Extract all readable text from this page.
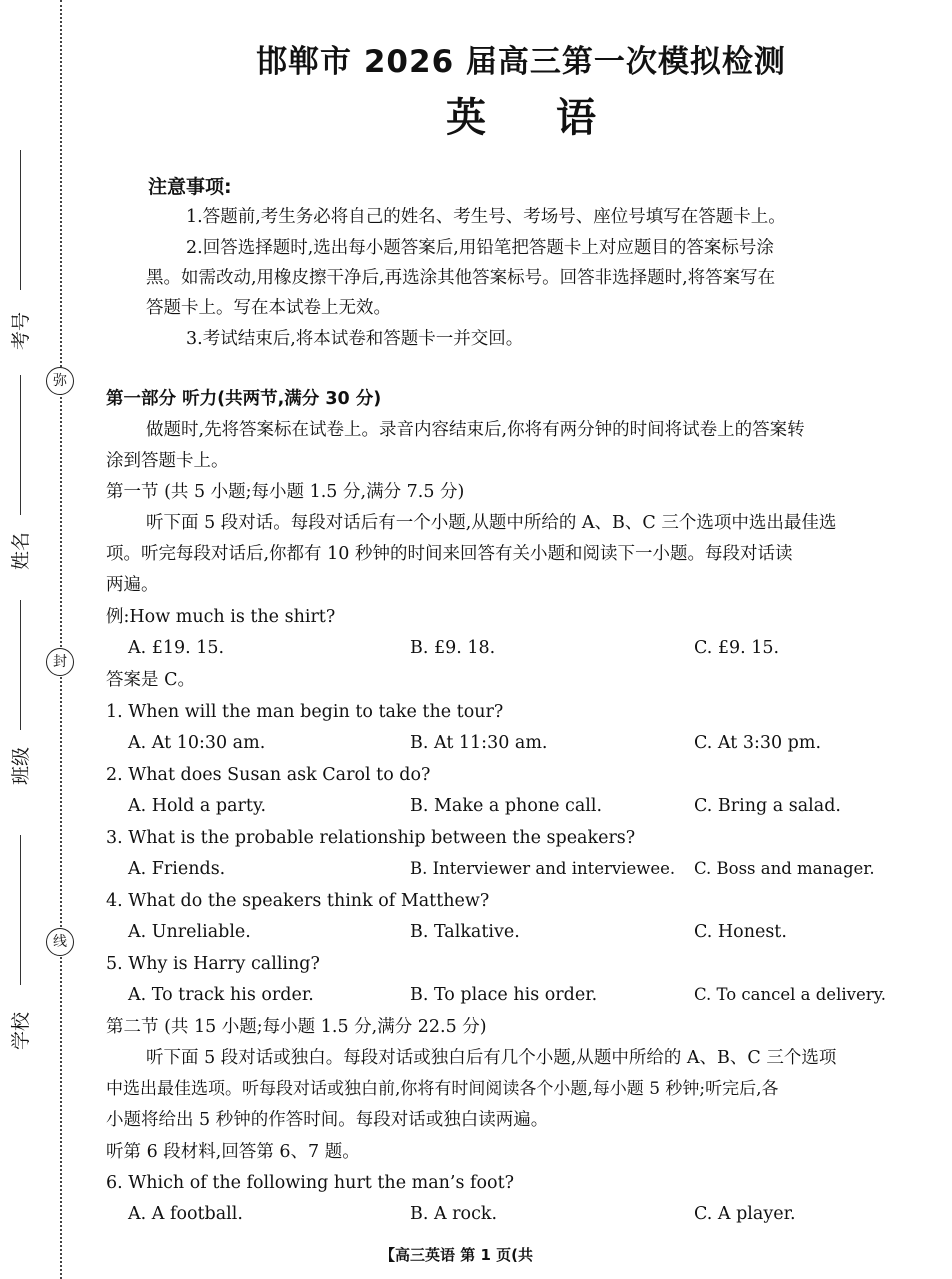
考号
姓名
班级
学校
弥
封
线
邯郸市 2026 届高三第一次模拟检测
英语
注意事项:
1.答题前,考生务必将自己的姓名、考生号、考场号、座位号填写在答题卡上。
2.回答选择题时,选出每小题答案后,用铅笔把答题卡上对应题目的答案标号涂
黑。如需改动,用橡皮擦干净后,再选涂其他答案标号。回答非选择题时,将答案写在
答题卡上。写在本试卷上无效。
3.考试结束后,将本试卷和答题卡一并交回。
第一部分 听力(共两节,满分 30 分)
做题时,先将答案标在试卷上。录音内容结束后,你将有两分钟的时间将试卷上的答案转
涂到答题卡上。
第一节 (共 5 小题;每小题 1.5 分,满分 7.5 分)
听下面 5 段对话。每段对话后有一个小题,从题中所给的 A、B、C 三个选项中选出最佳选
项。听完每段对话后,你都有 10 秒钟的时间来回答有关小题和阅读下一小题。每段对话读
两遍。
例:How much is the shirt?
A. £19. 15.	B. £9. 18.	C. £9. 15.
答案是 C。
1. When will the man begin to take the tour?
A. At 10:30 am.	B. At 11:30 am.	C. At 3:30 pm.
2. What does Susan ask Carol to do?
A. Hold a party.	B. Make a phone call.	C. Bring a salad.
3. What is the probable relationship between the speakers?
A. Friends.	B. Interviewer and interviewee. C. Boss and manager.
4. What do the speakers think of Matthew?
A. Unreliable.	B. Talkative.	C. Honest.
5. Why is Harry calling?
A. To track his order.	B. To place his order.	C. To cancel a delivery.
第二节 (共 15 小题;每小题 1.5 分,满分 22.5 分)
听下面 5 段对话或独白。每段对话或独白后有几个小题,从题中所给的 A、B、C 三个选项
中选出最佳选项。听每段对话或独白前,你将有时间阅读各个小题,每小题 5 秒钟;听完后,各
小题将给出 5 秒钟的作答时间。每段对话或独白读两遍。
听第 6 段材料,回答第 6、7 题。
6. Which of the following hurt the man’s foot?
A. A football.	B. A rock.	C. A player.
【高三英语 第 1 页(共
